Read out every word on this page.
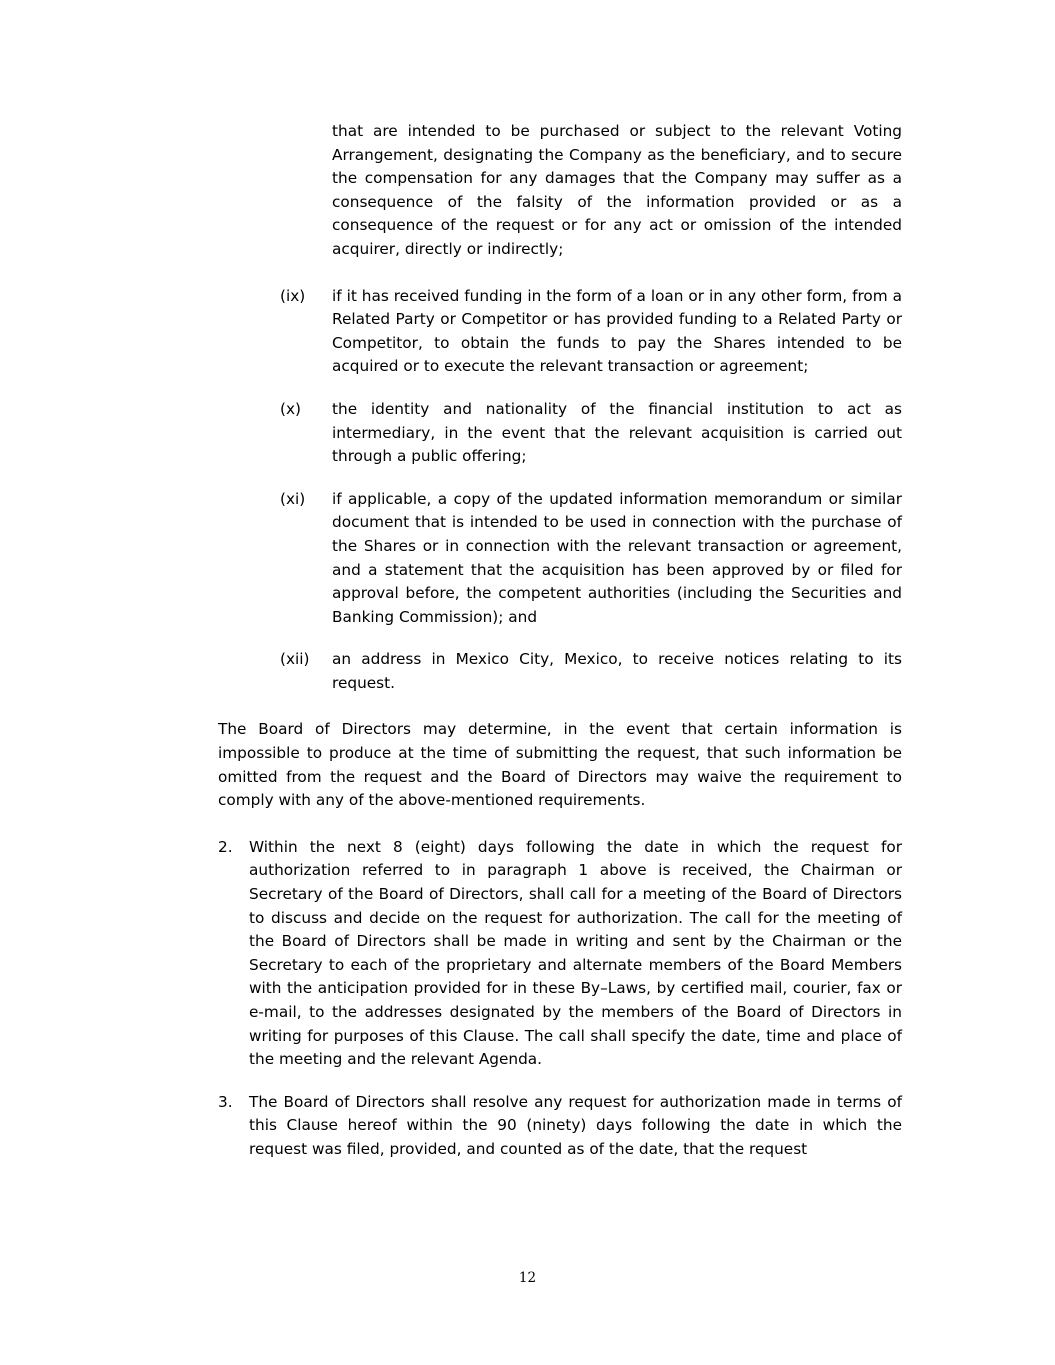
that are intended to be purchased or subject to the relevant Voting Arrangement, designating the Company as the beneficiary, and to secure the compensation for any damages that the Company may suffer as a consequence of the falsity of the information provided or as a consequence of the request or for any act or omission of the intended acquirer, directly or indirectly;
(ix)	if it has received funding in the form of a loan or in any other form, from a Related Party or Competitor or has provided funding to a Related Party or Competitor, to obtain the funds to pay the Shares intended to be acquired or to execute the relevant transaction or agreement;
(x)	the identity and nationality of the financial institution to act as intermediary, in the event that the relevant acquisition is carried out through a public offering;
(xi)	if applicable, a copy of the updated information memorandum or similar document that is intended to be used in connection with the purchase of the Shares or in connection with the relevant transaction or agreement, and a statement that the acquisition has been approved by or filed for approval before, the competent authorities (including the Securities and Banking Commission); and
(xii)	an address in Mexico City, Mexico, to receive notices relating to its request.
The Board of Directors may determine, in the event that certain information is impossible to produce at the time of submitting the request, that such information be omitted from the request and the Board of Directors may waive the requirement to comply with any of the above-mentioned requirements.
2.	Within the next 8 (eight) days following the date in which the request for authorization referred to in paragraph 1 above is received, the Chairman or Secretary of the Board of Directors, shall call for a meeting of the Board of Directors to discuss and decide on the request for authorization. The call for the meeting of the Board of Directors shall be made in writing and sent by the Chairman or the Secretary to each of the proprietary and alternate members of the Board Members with the anticipation provided for in these By–Laws, by certified mail, courier, fax or e-mail, to the addresses designated by the members of the Board of Directors in writing for purposes of this Clause. The call shall specify the date, time and place of the meeting and the relevant Agenda.
3.	The Board of Directors shall resolve any request for authorization made in terms of this Clause hereof within the 90 (ninety) days following the date in which the request was filed, provided, and counted as of the date, that the request
12
